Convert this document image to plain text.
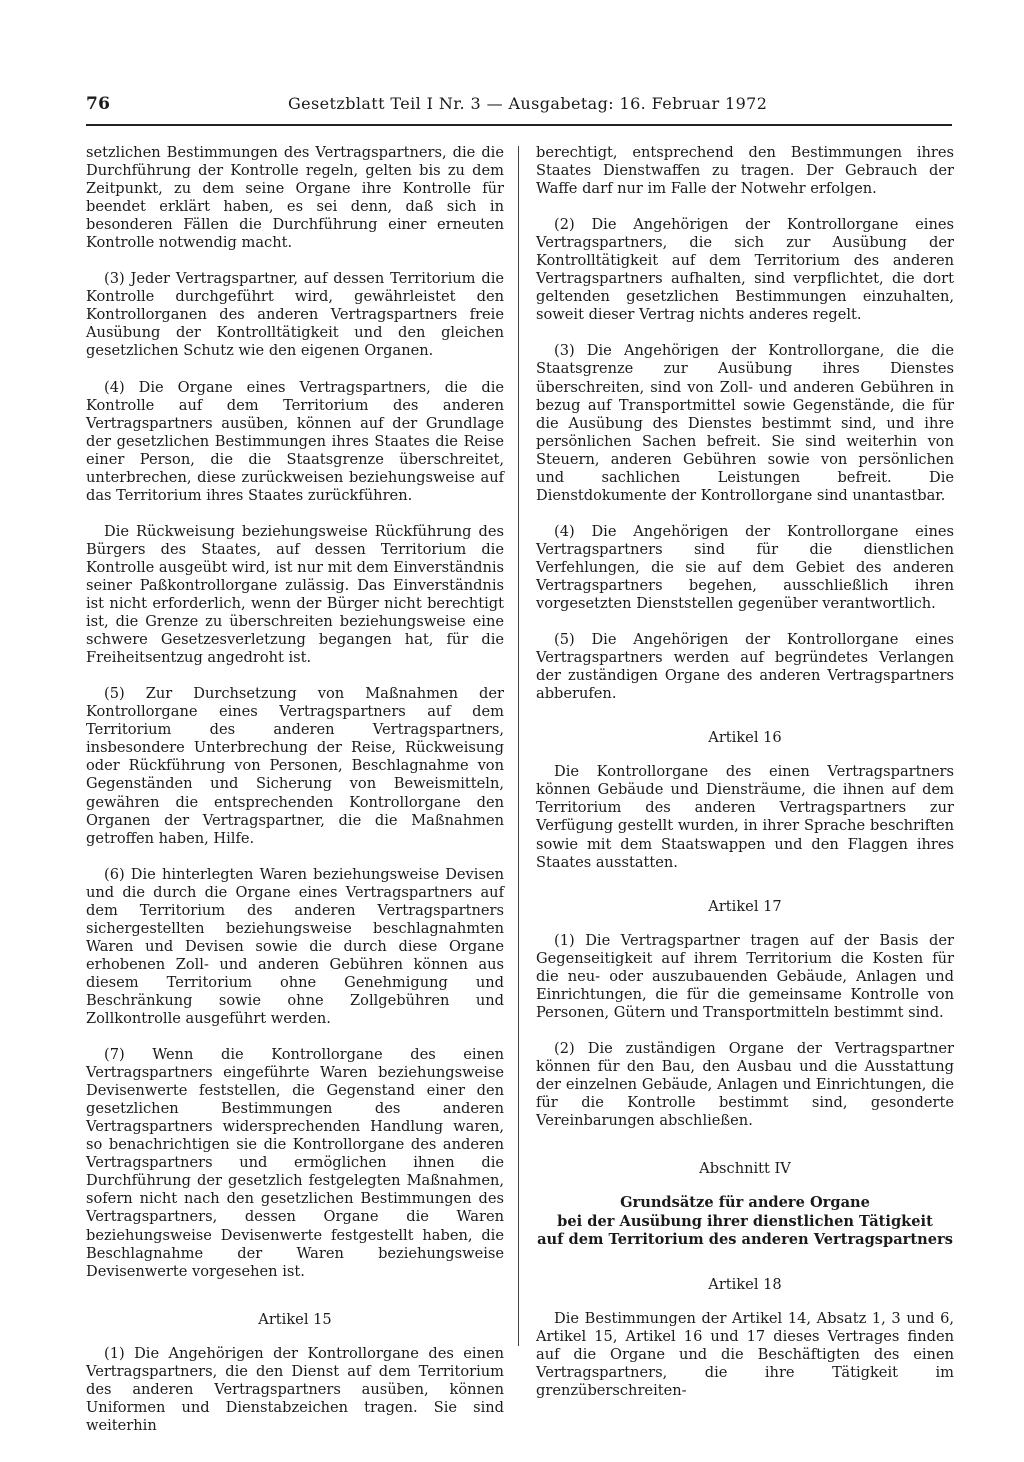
76	Gesetzblatt Teil I Nr. 3 — Ausgabetag: 16. Februar 1972

setzlichen Bestimmungen des Vertragspartners, die die Durchführung der Kontrolle regeln, gelten bis zu dem Zeitpunkt, zu dem seine Organe ihre Kontrolle für beendet erklärt haben, es sei denn, daß sich in besonderen Fällen die Durchführung einer erneuten Kontrolle notwendig macht.

(3) Jeder Vertragspartner, auf dessen Territorium die Kontrolle durchgeführt wird, gewährleistet den Kontrollorganen des anderen Vertragspartners freie Ausübung der Kontrolltätigkeit und den gleichen gesetzlichen Schutz wie den eigenen Organen.

(4) Die Organe eines Vertragspartners, die die Kontrolle auf dem Territorium des anderen Vertragspartners ausüben, können auf der Grundlage der gesetzlichen Bestimmungen ihres Staates die Reise einer Person, die die Staatsgrenze überschreitet, unterbrechen, diese zurückweisen beziehungsweise auf das Territorium ihres Staates zurückführen.

Die Rückweisung beziehungsweise Rückführung des Bürgers des Staates, auf dessen Territorium die Kontrolle ausgeübt wird, ist nur mit dem Einverständnis seiner Paßkontrollorgane zulässig. Das Einverständnis ist nicht erforderlich, wenn der Bürger nicht berechtigt ist, die Grenze zu überschreiten beziehungsweise eine schwere Gesetzesverletzung begangen hat, für die Freiheitsentzug angedroht ist.

(5) Zur Durchsetzung von Maßnahmen der Kontrollorgane eines Vertragspartners auf dem Territorium des anderen Vertragspartners, insbesondere Unterbrechung der Reise, Rückweisung oder Rückführung von Personen, Beschlagnahme von Gegenständen und Sicherung von Beweismitteln, gewähren die entsprechenden Kontrollorgane den Organen der Vertragspartner, die die Maßnahmen getroffen haben, Hilfe.

(6) Die hinterlegten Waren beziehungsweise Devisen und die durch die Organe eines Vertragspartners auf dem Territorium des anderen Vertragspartners sichergestellten beziehungsweise beschlagnahmten Waren und Devisen sowie die durch diese Organe erhobenen Zoll- und anderen Gebühren können aus diesem Territorium ohne Genehmigung und Beschränkung sowie ohne Zollgebühren und Zollkontrolle ausgeführt werden.

(7) Wenn die Kontrollorgane des einen Vertragspartners eingeführte Waren beziehungsweise Devisenwerte feststellen, die Gegenstand einer den gesetzlichen Bestimmungen des anderen Vertragspartners widersprechenden Handlung waren, so benachrichtigen sie die Kontrollorgane des anderen Vertragspartners und ermöglichen ihnen die Durchführung der gesetzlich festgelegten Maßnahmen, sofern nicht nach den gesetzlichen Bestimmungen des Vertragspartners, dessen Organe die Waren beziehungsweise Devisenwerte festgestellt haben, die Beschlagnahme der Waren beziehungsweise Devisenwerte vorgesehen ist.

Artikel 15

(1) Die Angehörigen der Kontrollorgane des einen Vertragspartners, die den Dienst auf dem Territorium des anderen Vertragspartners ausüben, können Uniformen und Dienstabzeichen tragen. Sie sind weiterhin

berechtigt, entsprechend den Bestimmungen ihres Staates Dienstwaffen zu tragen. Der Gebrauch der Waffe darf nur im Falle der Notwehr erfolgen.

(2) Die Angehörigen der Kontrollorgane eines Vertragspartners, die sich zur Ausübung der Kontrolltätigkeit auf dem Territorium des anderen Vertragspartners aufhalten, sind verpflichtet, die dort geltenden gesetzlichen Bestimmungen einzuhalten, soweit dieser Vertrag nichts anderes regelt.

(3) Die Angehörigen der Kontrollorgane, die die Staatsgrenze zur Ausübung ihres Dienstes überschreiten, sind von Zoll- und anderen Gebühren in bezug auf Transportmittel sowie Gegenstände, die für die Ausübung des Dienstes bestimmt sind, und ihre persönlichen Sachen befreit. Sie sind weiterhin von Steuern, anderen Gebühren sowie von persönlichen und sachlichen Leistungen befreit. Die Dienstdokumente der Kontrollorgane sind unantastbar.

(4) Die Angehörigen der Kontrollorgane eines Vertragspartners sind für die dienstlichen Verfehlungen, die sie auf dem Gebiet des anderen Vertragspartners begehen, ausschließlich ihren vorgesetzten Dienststellen gegenüber verantwortlich.

(5) Die Angehörigen der Kontrollorgane eines Vertragspartners werden auf begründetes Verlangen der zuständigen Organe des anderen Vertragspartners abberufen.

Artikel 16

Die Kontrollorgane des einen Vertragspartners können Gebäude und Diensträume, die ihnen auf dem Territorium des anderen Vertragspartners zur Verfügung gestellt wurden, in ihrer Sprache beschriften sowie mit dem Staatswappen und den Flaggen ihres Staates ausstatten.

Artikel 17

(1) Die Vertragspartner tragen auf der Basis der Gegenseitigkeit auf ihrem Territorium die Kosten für die neu- oder auszubauenden Gebäude, Anlagen und Einrichtungen, die für die gemeinsame Kontrolle von Personen, Gütern und Transportmitteln bestimmt sind.

(2) Die zuständigen Organe der Vertragspartner können für den Bau, den Ausbau und die Ausstattung der einzelnen Gebäude, Anlagen und Einrichtungen, die für die Kontrolle bestimmt sind, gesonderte Vereinbarungen abschließen.

Abschnitt IV
Grundsätze für andere Organe
bei der Ausübung ihrer dienstlichen Tätigkeit
auf dem Territorium des anderen Vertragspartners
Artikel 18

Die Bestimmungen der Artikel 14, Absatz 1, 3 und 6, Artikel 15, Artikel 16 und 17 dieses Vertrages finden auf die Organe und die Beschäftigten des einen Vertragspartners, die ihre Tätigkeit im grenzüberschreiten-
